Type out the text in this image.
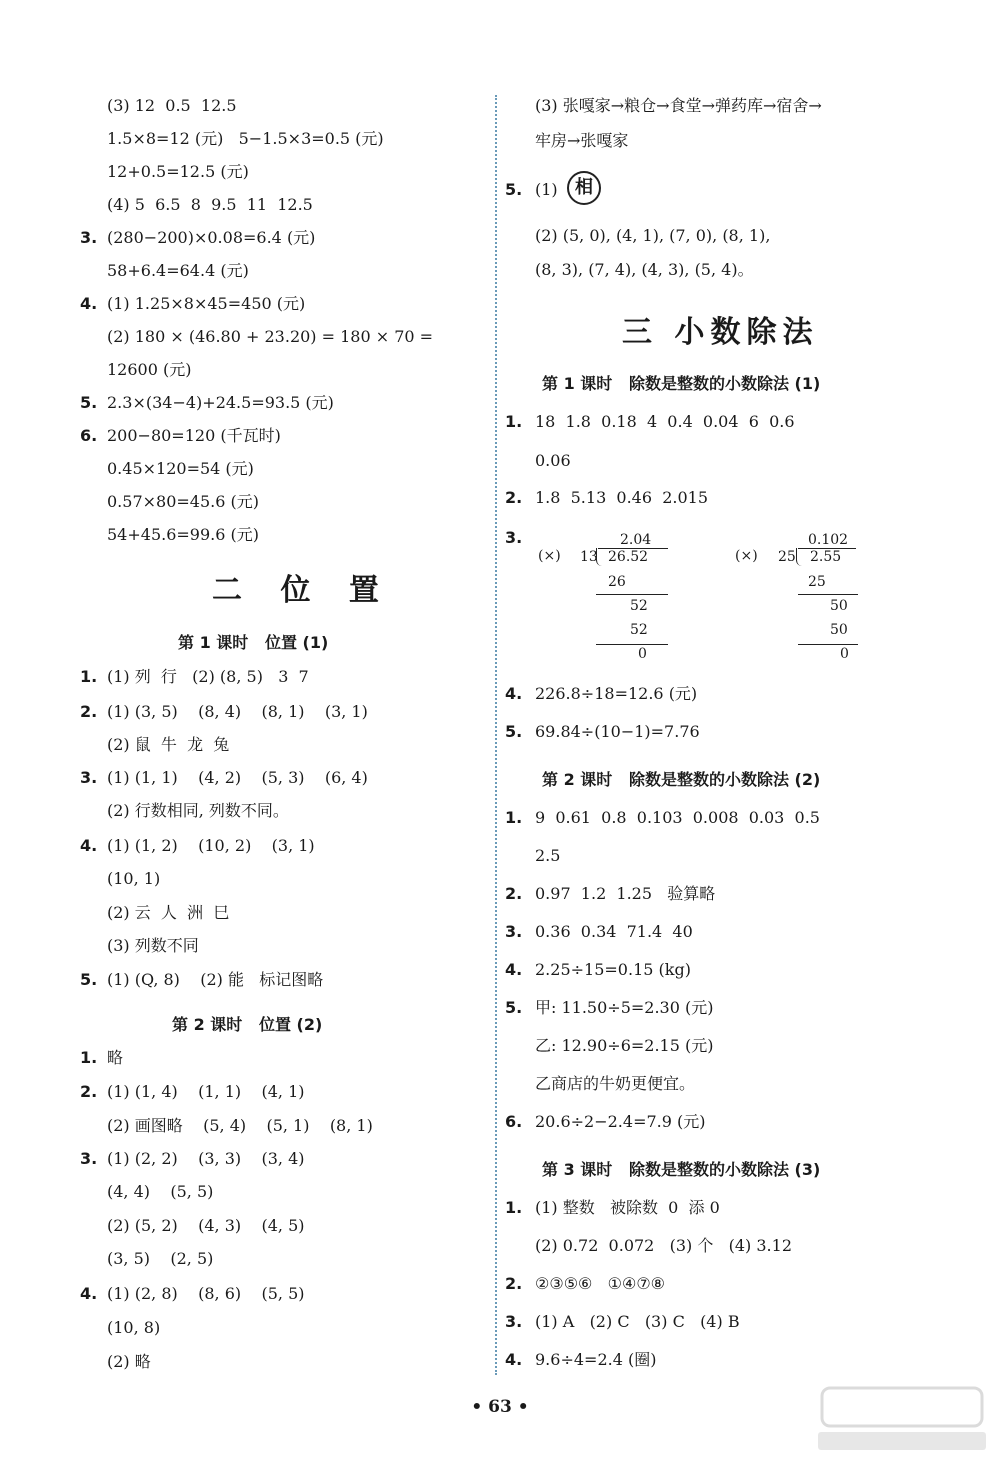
(3) 12  0.5  12.5
1.5×8=12 (元)   5−1.5×3=0.5 (元)
12+0.5=12.5 (元)
(4) 5  6.5  8  9.5  11  12.5
3. (280−200)×0.08=6.4 (元)
58+6.4=64.4 (元)
4. (1) 1.25×8×45=450 (元)
(2) 180 × (46.80 + 23.20) = 180 × 70 =
12600 (元)
5. 2.3×(34−4)+24.5=93.5 (元)
6. 200−80=120 (千瓦时)
0.45×120=54 (元)
0.57×80=45.6 (元)
54+45.6=99.6 (元)
1. (1) 列  行   (2) (8, 5)   3  7
2. (1) (3, 5)    (8, 4)    (8, 1)    (3, 1)
(2) 鼠  牛  龙  兔
3. (1) (1, 1)    (4, 2)    (5, 3)    (6, 4)
(2) 行数相同, 列数不同。
4. (1) (1, 2)    (10, 2)    (3, 1)
(10, 1)
(2) 云  人  洲  巳
(3) 列数不同
5. (1) (Q, 8)    (2) 能   标记图略
1. 略
2. (1) (1, 4)    (1, 1)    (4, 1)
(2) 画图略    (5, 4)    (5, 1)    (8, 1)
3. (1) (2, 2)    (3, 3)    (3, 4)
(4, 4)    (5, 5)
(2) (5, 2)    (4, 3)    (4, 5)
(3, 5)    (2, 5)
4. (1) (2, 8)    (8, 6)    (5, 5)
(10, 8)
(2) 略
(3) 张嘎家→粮仓→食堂→弹药库→宿舍→
牢房→张嘎家
(2) (5, 0), (4, 1), (7, 0), (8, 1),
(8, 3), (7, 4), (4, 3), (5, 4)。
1. 18  1.8  0.18  4  0.4  0.04  6  0.6
0.06
2. 1.8  5.13  0.46  2.015
4. 226.8÷18=12.6 (元)
5. 69.84÷(10−1)=7.76
1. 9  0.61  0.8  0.103  0.008  0.03  0.5
2.5
2. 0.97  1.2  1.25   验算略
3. 0.36  0.34  71.4  40
4. 2.25÷15=0.15 (kg)
5. 甲: 11.50÷5=2.30 (元)
乙: 12.90÷6=2.15 (元)
乙商店的牛奶更便宜。
6. 20.6÷2−2.4=7.9 (元)
1. (1) 整数   被除数  0  添 0
(2) 0.72  0.072   (3) 个   (4) 3.12
2. ②③⑤⑥   ①④⑦⑧
3. (1) A   (2) C   (3) C   (4) B
4. 9.6÷4=2.4 (圈)
二 位 置
第 1 课时   位置 (1)
第 2 课时   位置 (2)
5. (1) 相
三 小数除法
第 1 课时   除数是整数的小数除法 (1)
第 2 课时   除数是整数的小数除法 (2)
第 3 课时   除数是整数的小数除法 (3)
3.
(×)
2.04
13 26.52
26
52
52
0
(×)
0.102
25 2.55
25
50
50
0
• 63 •
